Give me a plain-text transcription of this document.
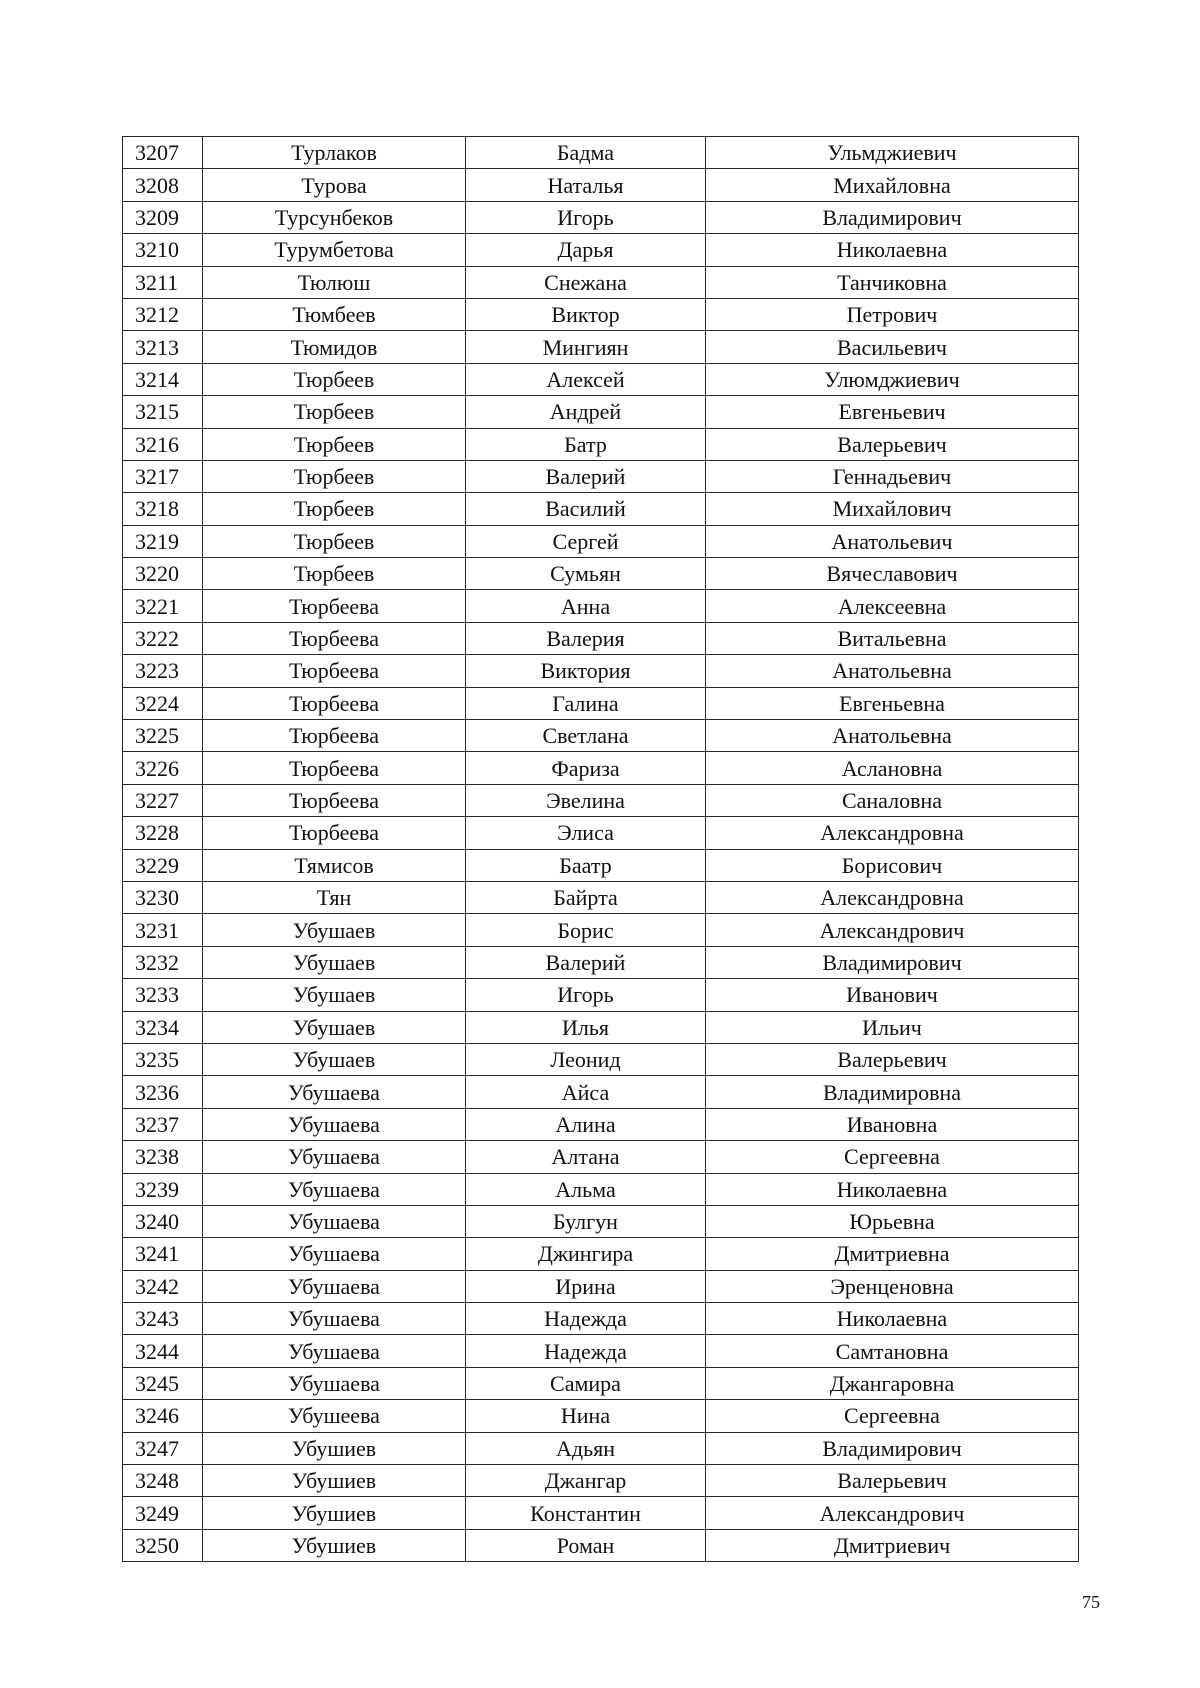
3207	Турлаков	Бадма	Ульмджиевич
3208	Турова	Наталья	Михайловна
3209	Турсунбеков	Игорь	Владимирович
3210	Турумбетова	Дарья	Николаевна
3211	Тюлюш	Снежана	Танчиковна
3212	Тюмбеев	Виктор	Петрович
3213	Тюмидов	Мингиян	Васильевич
3214	Тюрбеев	Алексей	Улюмджиевич
3215	Тюрбеев	Андрей	Евгеньевич
3216	Тюрбеев	Батр	Валерьевич
3217	Тюрбеев	Валерий	Геннадьевич
3218	Тюрбеев	Василий	Михайлович
3219	Тюрбеев	Сергей	Анатольевич
3220	Тюрбеев	Сумьян	Вячеславович
3221	Тюрбеева	Анна	Алексеевна
3222	Тюрбеева	Валерия	Витальевна
3223	Тюрбеева	Виктория	Анатольевна
3224	Тюрбеева	Галина	Евгеньевна
3225	Тюрбеева	Светлана	Анатольевна
3226	Тюрбеева	Фариза	Аслановна
3227	Тюрбеева	Эвелина	Саналовна
3228	Тюрбеева	Элиса	Александровна
3229	Тямисов	Баатр	Борисович
3230	Тян	Байрта	Александровна
3231	Убушаев	Борис	Александрович
3232	Убушаев	Валерий	Владимирович
3233	Убушаев	Игорь	Иванович
3234	Убушаев	Илья	Ильич
3235	Убушаев	Леонид	Валерьевич
3236	Убушаева	Айса	Владимировна
3237	Убушаева	Алина	Ивановна
3238	Убушаева	Алтана	Сергеевна
3239	Убушаева	Альма	Николаевна
3240	Убушаева	Булгун	Юрьевна
3241	Убушаева	Джингира	Дмитриевна
3242	Убушаева	Ирина	Эренценовна
3243	Убушаева	Надежда	Николаевна
3244	Убушаева	Надежда	Самтановна
3245	Убушаева	Самира	Джангаровна
3246	Убушеева	Нина	Сергеевна
3247	Убушиев	Адьян	Владимирович
3248	Убушиев	Джангар	Валерьевич
3249	Убушиев	Константин	Александрович
3250	Убушиев	Роман	Дмитриевич
75
